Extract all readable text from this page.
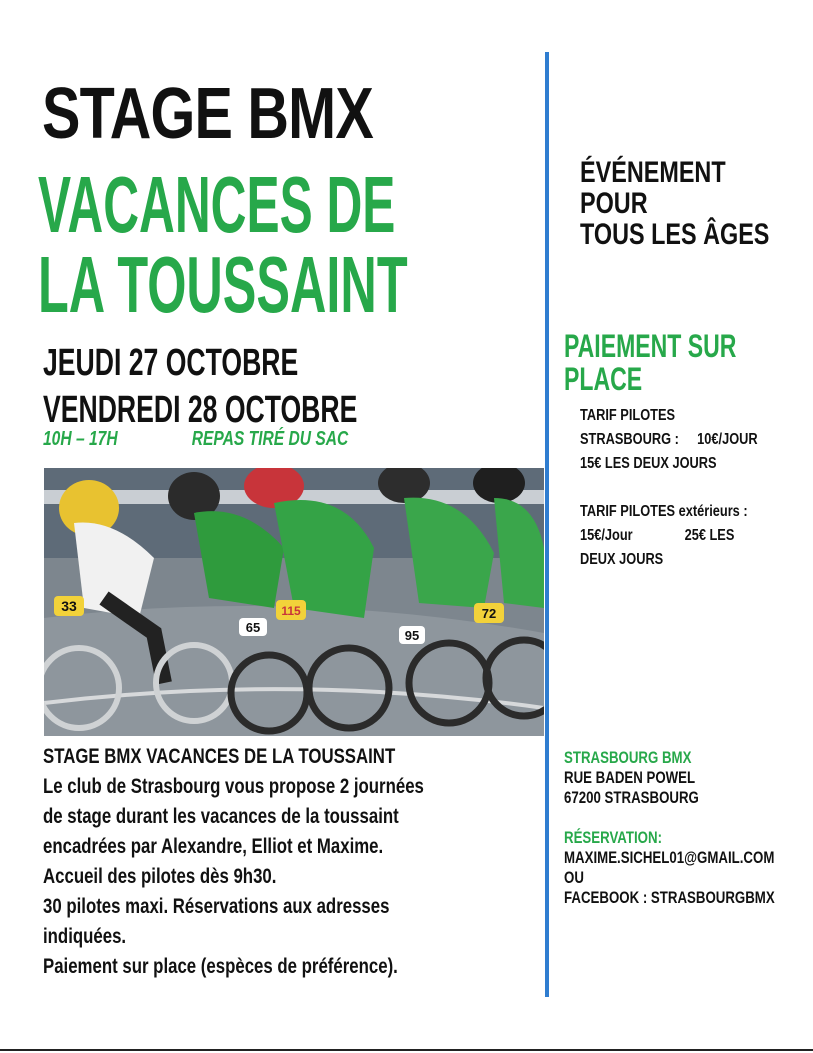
STAGE BMX
VACANCES DE
LA TOUSSAINT
JEUDI 27 OCTOBRE
VENDREDI 28 OCTOBRE
10H – 17H	REPAS TIRÉ DU SAC
33
65
72
95
115
STAGE BMX VACANCES DE LA TOUSSAINT
Le club de Strasbourg vous propose 2 journées
de stage durant les vacances de la toussaint
encadrées par Alexandre, Elliot et Maxime.
Accueil des pilotes dès 9h30.
30 pilotes maxi. Réservations aux adresses
indiquées.
Paiement sur place (espèces de préférence).
ÉVÉNEMENT
POUR
TOUS LES ÂGES
PAIEMENT SUR
PLACE
TARIF PILOTES
STRASBOURG : 10€/JOUR
15€ LES DEUX JOURS
TARIF PILOTES extérieurs :
15€/Jour	25€ LES
DEUX JOURS
STRASBOURG BMX
RUE BADEN POWEL
67200 STRASBOURG
RÉSERVATION:
MAXIME.SICHEL01@GMAIL.COM
OU
FACEBOOK : STRASBOURGBMX
